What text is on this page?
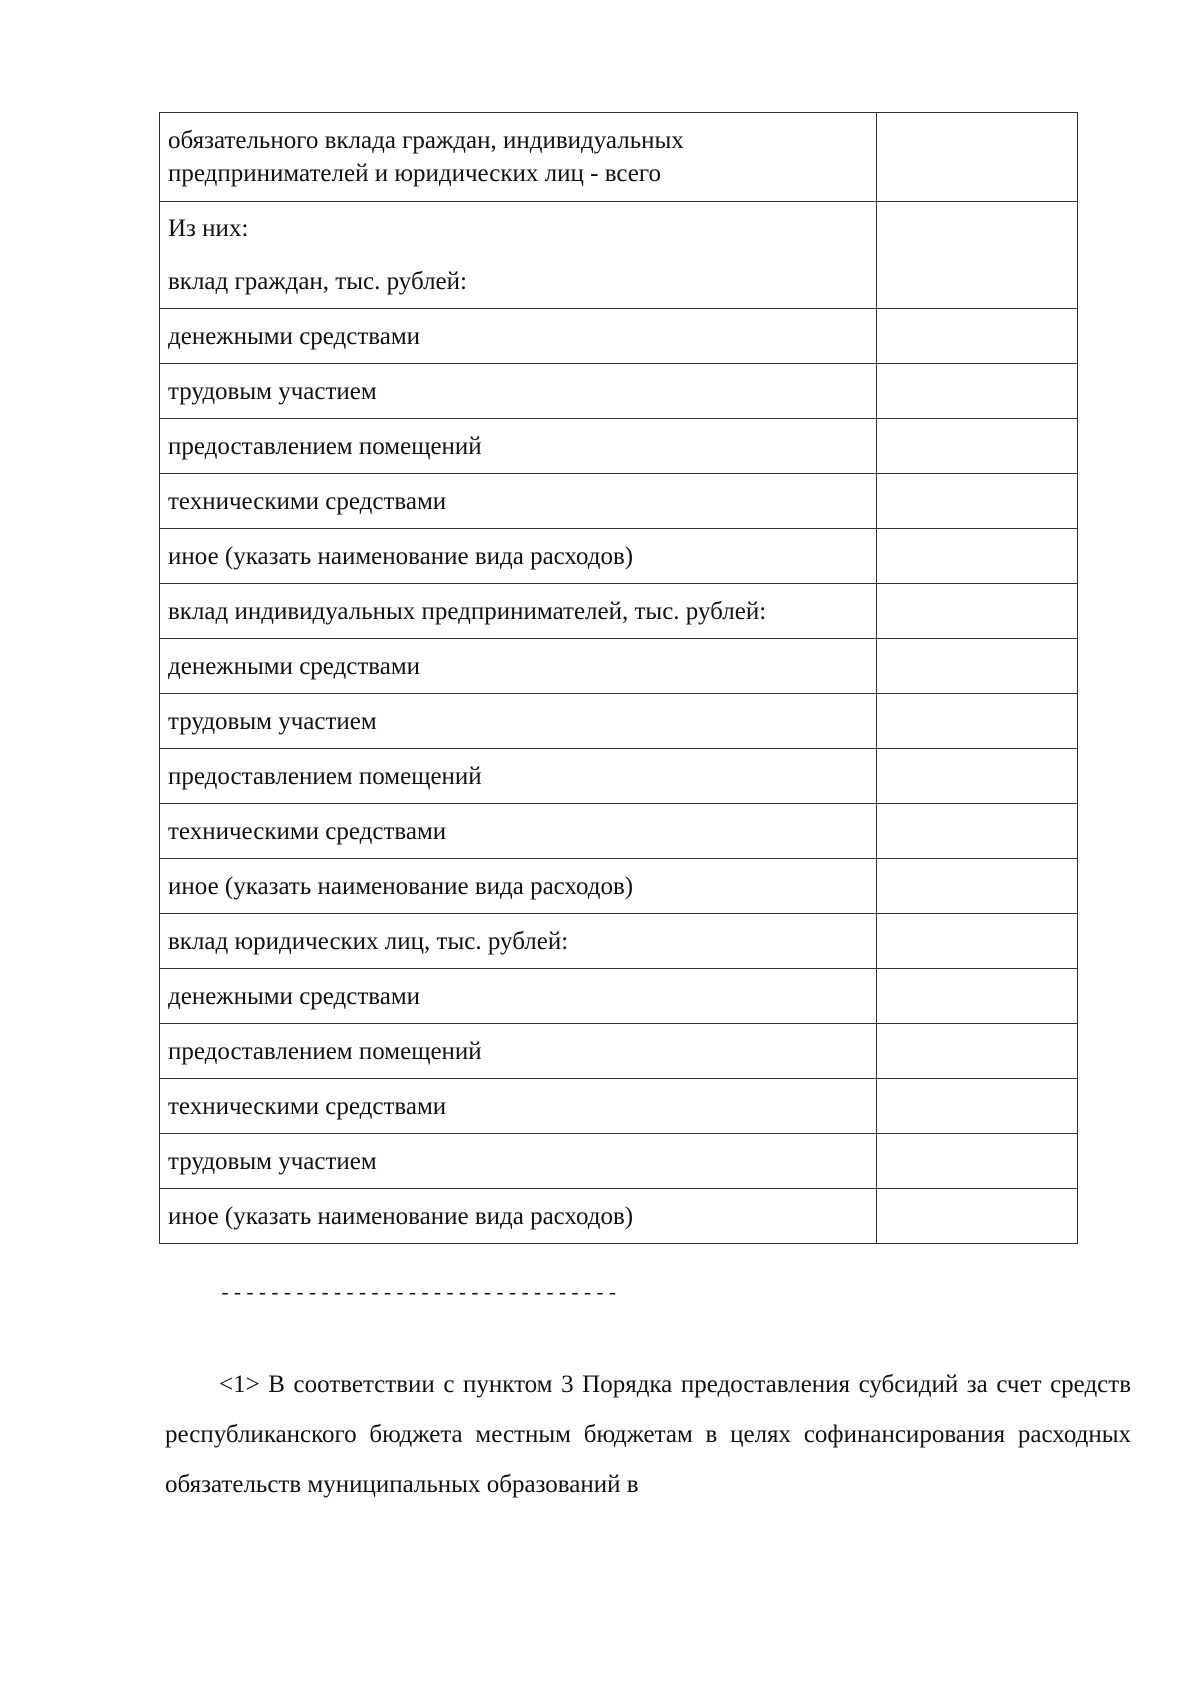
обязательного вклада граждан, индивидуальных
предпринимателей и юридических лиц - всего	

Из них:
вклад граждан, тыс. рублей:	

денежными средствами	
трудовым участием	
предоставлением помещений	
техническими средствами	
иное (указать наименование вида расходов)	
вклад индивидуальных предпринимателей, тыс. рублей:	
денежными средствами	
трудовым участием	
предоставлением помещений	
техническими средствами	
иное (указать наименование вида расходов)	
вклад юридических лиц, тыс. рублей:	
денежными средствами	
предоставлением помещений	
техническими средствами	
трудовым участием	
иное (указать наименование вида расходов)	
--------------------------------

<1> В соответствии с пунктом 3 Порядка предоставления субсидий за счет средств республиканского бюджета местным бюджетам в целях софинансирования расходных обязательств муниципальных образований в
